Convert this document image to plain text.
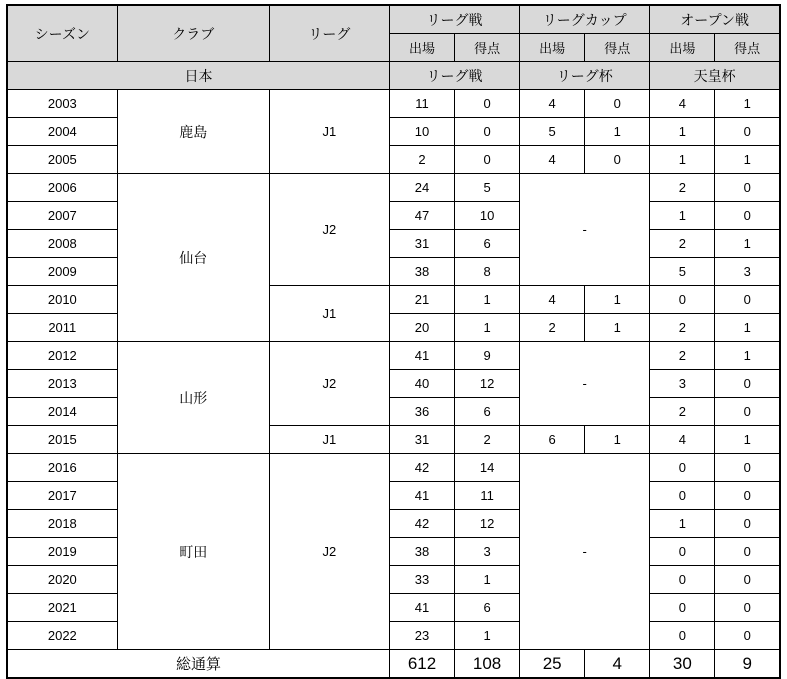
シーズン	クラブ	リーグ	リーグ戦		リーグカップ		オープン戦	
			出場	得点	出場	得点	出場	得点
日本			リーグ戦		リーグ杯		天皇杯	
2003	鹿島	J1	11	0	4	0	4	1
2004			10	0	5	1	1	0
2005			2	0	4	0	1	1
2006	仙台	J2	24	5	-		2	0
2007			47	10			1	0
2008			31	6			2	1
2009			38	8			5	3
2010		J1	21	1	4	1	0	0
2011			20	1	2	1	2	1
2012	山形	J2	41	9	-		2	1
2013			40	12			3	0
2014			36	6			2	0
2015		J1	31	2	6	1	4	1
2016	町田	J2	42	14	-		0	0
2017			41	11			0	0
2018			42	12			1	0
2019			38	3			0	0
2020			33	1			0	0
2021			41	6			0	0
2022			23	1			0	0
総通算			612	108	25	4	30	9
